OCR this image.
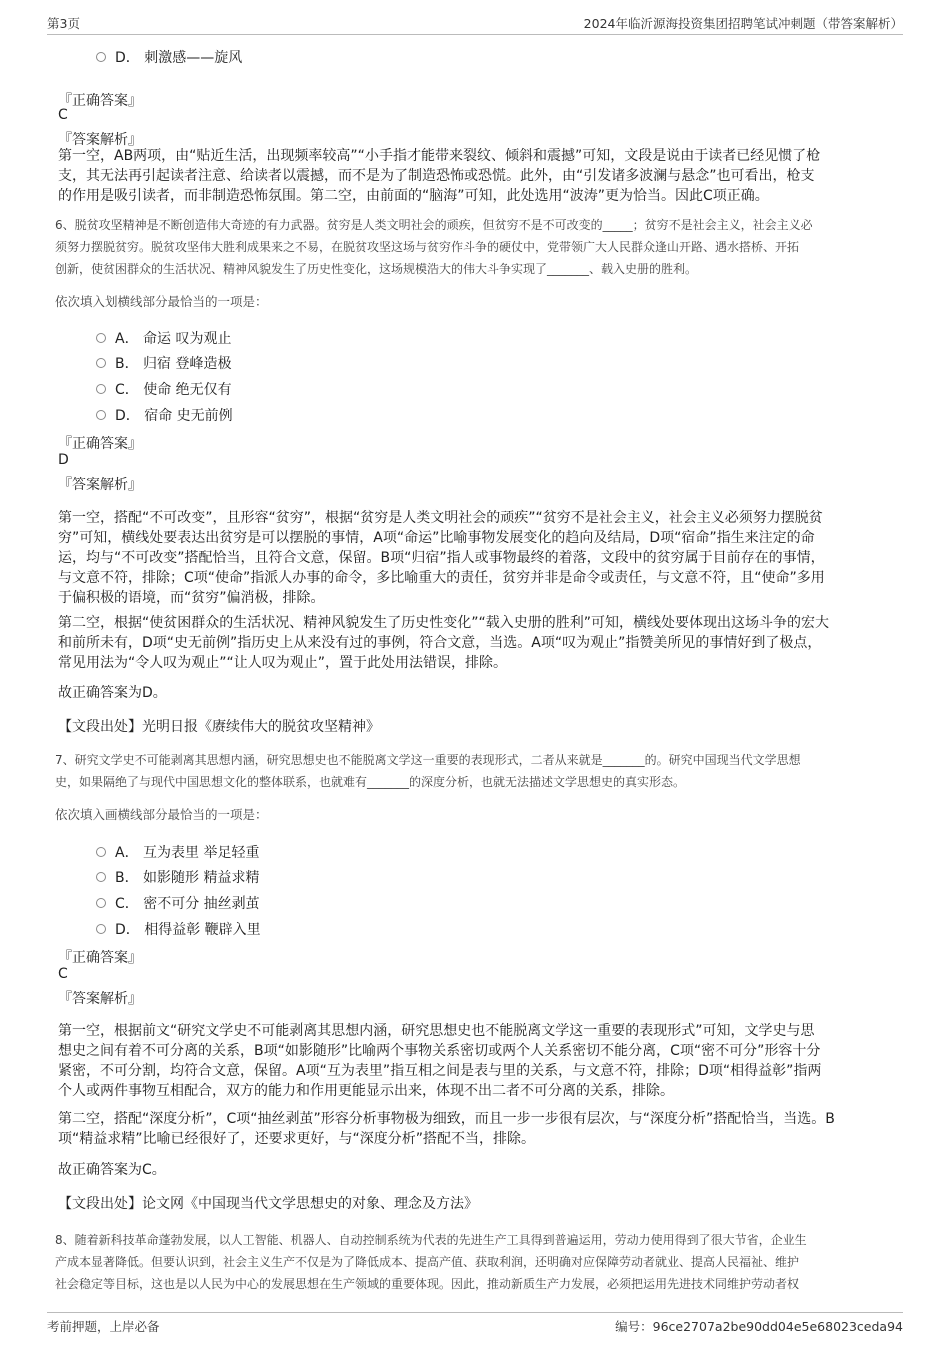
第3页	2024年临沂源海投资集团招聘笔试冲刺题（带答案解析）
D． 刺激感——旋风
『正确答案』
C
『答案解析』
第一空，AB两项，由“贴近生活，出现频率较高”“小手指才能带来裂纹、倾斜和震撼”可知，文段是说由于读者已经见惯了枪
支，其无法再引起读者注意、给读者以震撼，而不是为了制造恐怖或恐慌。此外，由“引发诸多波澜与悬念”也可看出，枪支
的作用是吸引读者，而非制造恐怖氛围。第二空，由前面的“脑海”可知，此处选用“波涛”更为恰当。因此C项正确。
6、脱贫攻坚精神是不断创造伟大奇迹的有力武器。贫穷是人类文明社会的顽疾，但贫穷不是不可改变的_____；贫穷不是社会主义，社会主义必
须努力摆脱贫穷。脱贫攻坚伟大胜利成果来之不易，在脱贫攻坚这场与贫穷作斗争的硬仗中，党带领广大人民群众逢山开路、遇水搭桥、开拓
创新，使贫困群众的生活状况、精神风貌发生了历史性变化，这场规模浩大的伟大斗争实现了_______、载入史册的胜利。
依次填入划横线部分最恰当的一项是：
A． 命运 叹为观止
B． 归宿 登峰造极
C． 使命 绝无仅有
D． 宿命 史无前例
『正确答案』
D
『答案解析』
第一空，搭配“不可改变”，且形容“贫穷”，根据“贫穷是人类文明社会的顽疾”“贫穷不是社会主义，社会主义必须努力摆脱贫
穷”可知，横线处要表达出贫穷是可以摆脱的事情，A项“命运”比喻事物发展变化的趋向及结局，D项“宿命”指生来注定的命
运，均与“不可改变”搭配恰当，且符合文意，保留。B项“归宿”指人或事物最终的着落，文段中的贫穷属于目前存在的事情，
与文意不符，排除；C项“使命”指派人办事的命令，多比喻重大的责任，贫穷并非是命令或责任，与文意不符，且“使命”多用
于偏积极的语境，而“贫穷”偏消极，排除。
第二空，根据“使贫困群众的生活状况、精神风貌发生了历史性变化”“载入史册的胜利”可知，横线处要体现出这场斗争的宏大
和前所未有，D项“史无前例”指历史上从来没有过的事例，符合文意，当选。A项“叹为观止”指赞美所见的事情好到了极点，
常见用法为“令人叹为观止”“让人叹为观止”，置于此处用法错误，排除。
故正确答案为D。
【文段出处】光明日报《赓续伟大的脱贫攻坚精神》
7、研究文学史不可能剥离其思想内涵，研究思想史也不能脱离文学这一重要的表现形式，二者从来就是_______的。研究中国现当代文学思想
史，如果隔绝了与现代中国思想文化的整体联系，也就难有_______的深度分析，也就无法描述文学思想史的真实形态。
依次填入画横线部分最恰当的一项是：
A． 互为表里 举足轻重
B． 如影随形 精益求精
C． 密不可分 抽丝剥茧
D． 相得益彰 鞭辟入里
『正确答案』
C
『答案解析』
第一空，根据前文“研究文学史不可能剥离其思想内涵，研究思想史也不能脱离文学这一重要的表现形式”可知，文学史与思
想史之间有着不可分离的关系，B项“如影随形”比喻两个事物关系密切或两个人关系密切不能分离，C项“密不可分”形容十分
紧密，不可分割，均符合文意，保留。A项“互为表里”指互相之间是表与里的关系，与文意不符，排除；D项“相得益彰”指两
个人或两件事物互相配合，双方的能力和作用更能显示出来，体现不出二者不可分离的关系，排除。
第二空，搭配“深度分析”，C项“抽丝剥茧”形容分析事物极为细致，而且一步一步很有层次，与“深度分析”搭配恰当，当选。B
项“精益求精”比喻已经很好了，还要求更好，与“深度分析”搭配不当，排除。
故正确答案为C。
【文段出处】论文网《中国现当代文学思想史的对象、理念及方法》
8、随着新科技革命蓬勃发展，以人工智能、机器人、自动控制系统为代表的先进生产工具得到普遍运用，劳动力使用得到了很大节省，企业生
产成本显著降低。但要认识到，社会主义生产不仅是为了降低成本、提高产值、获取利润，还明确对应保障劳动者就业、提高人民福祉、维护
社会稳定等目标，这也是以人民为中心的发展思想在生产领域的重要体现。因此，推动新质生产力发展，必须把运用先进技术同维护劳动者权
考前押题，上岸必备	编号：96ce2707a2be90dd04e5e68023ceda94
